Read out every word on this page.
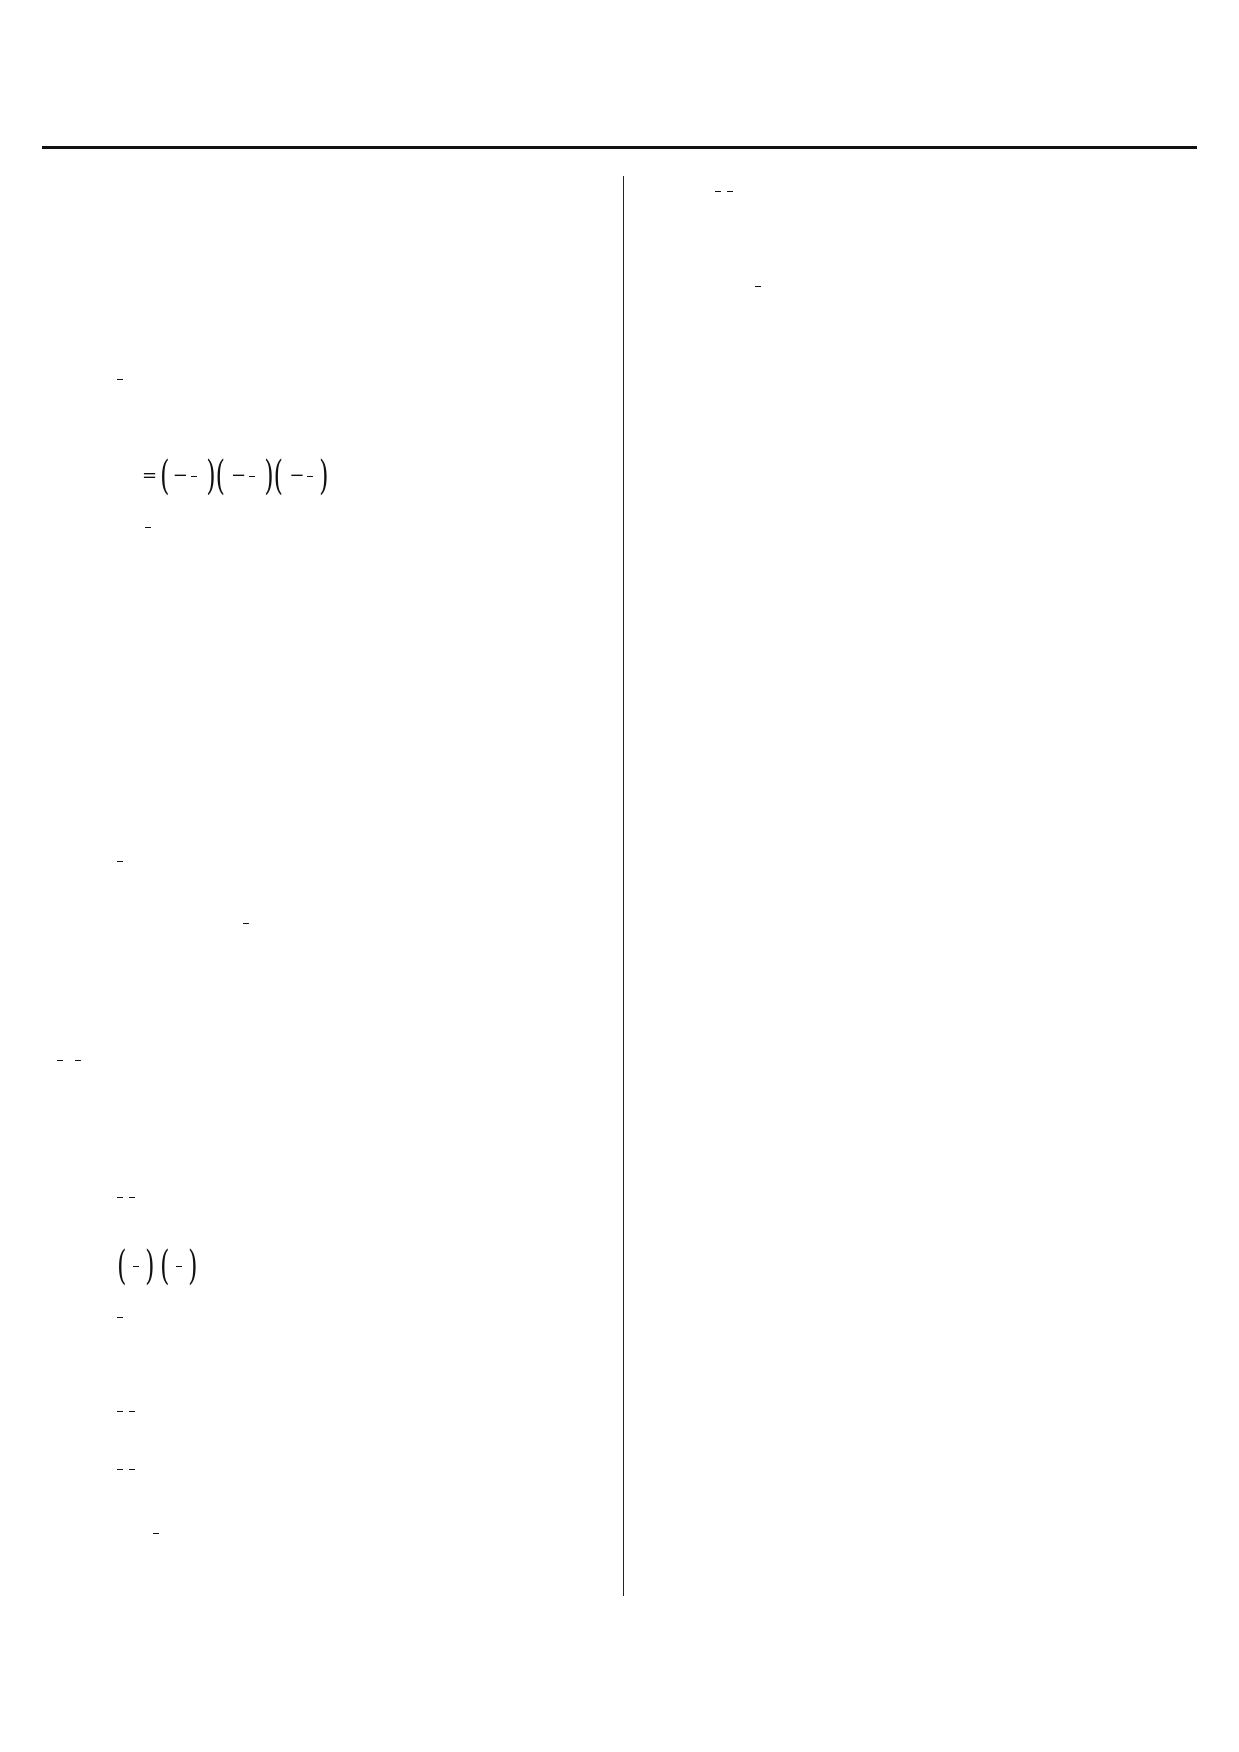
=( − )( − )( − )

( ) ( )
